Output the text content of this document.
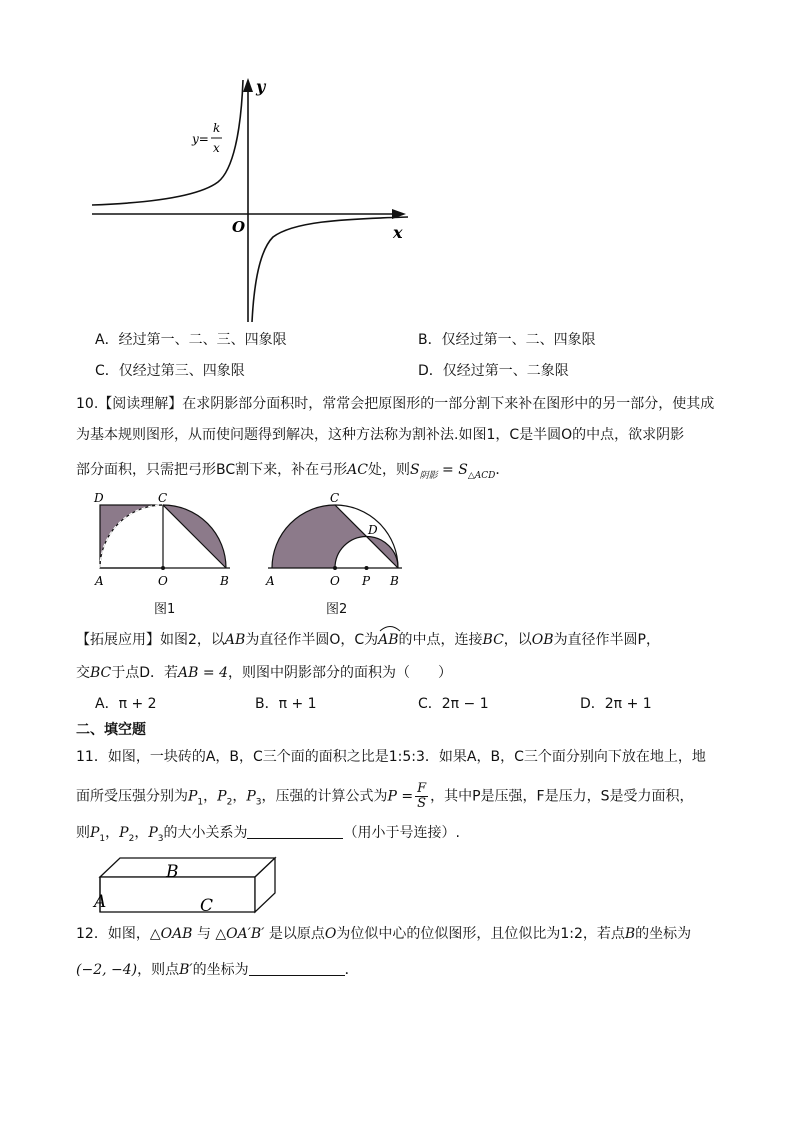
y
x
O
y=
k
x
A．经过第一、二、三、四象限	B．仅经过第一、二、四象限
C．仅经过第三、四象限	D．仅经过第一、二象限
10.【阅读理解】在求阴影部分面积时，常常会把原图形的一部分割下来补在图形中的另一部分，使其成
为基本规则图形，从而使问题得到解决，这种方法称为割补法.如图1，C是半圆O的中点，欲求阴影
部分面积，只需把弓形BC割下来，补在弓形AC处，则$S_{阴影} = S_{\triangle ACD}$．
D	C
A	O	B
图1
C
D
A	O P B
图2
【拓展应用】如图2，以AB为直径作半圆O，C为
AB的中点，连接BC，以OB为直径作半圆P，
交BC于点D．若AB = 4，则图中阴影部分的面积为（　　）
A．π + 2	B．π + 1	C．2π − 1	D．2π + 1
二、填空题
11．如图，一块砖的A，B，C三个面的面积之比是1:5:3．如果A，B，C三个面分别向下放在地上，地
面所受压强分别为$P_1$，$P_2$，$P_3$，压强的计算公式为$P = \frac{F}{S}$ ，其中P是压强，F是压力，S是受力面积，
则$P_1$，$P_2$，$P_3$的大小关系为	（用小于号连接）.
A
B
C
12．如图，△OAB 与 △OA′B′ 是以原点O为位似中心的位似图形，且位似比为1:2，若点B的坐标为
(−2, −4)，则点B′的坐标为	．
